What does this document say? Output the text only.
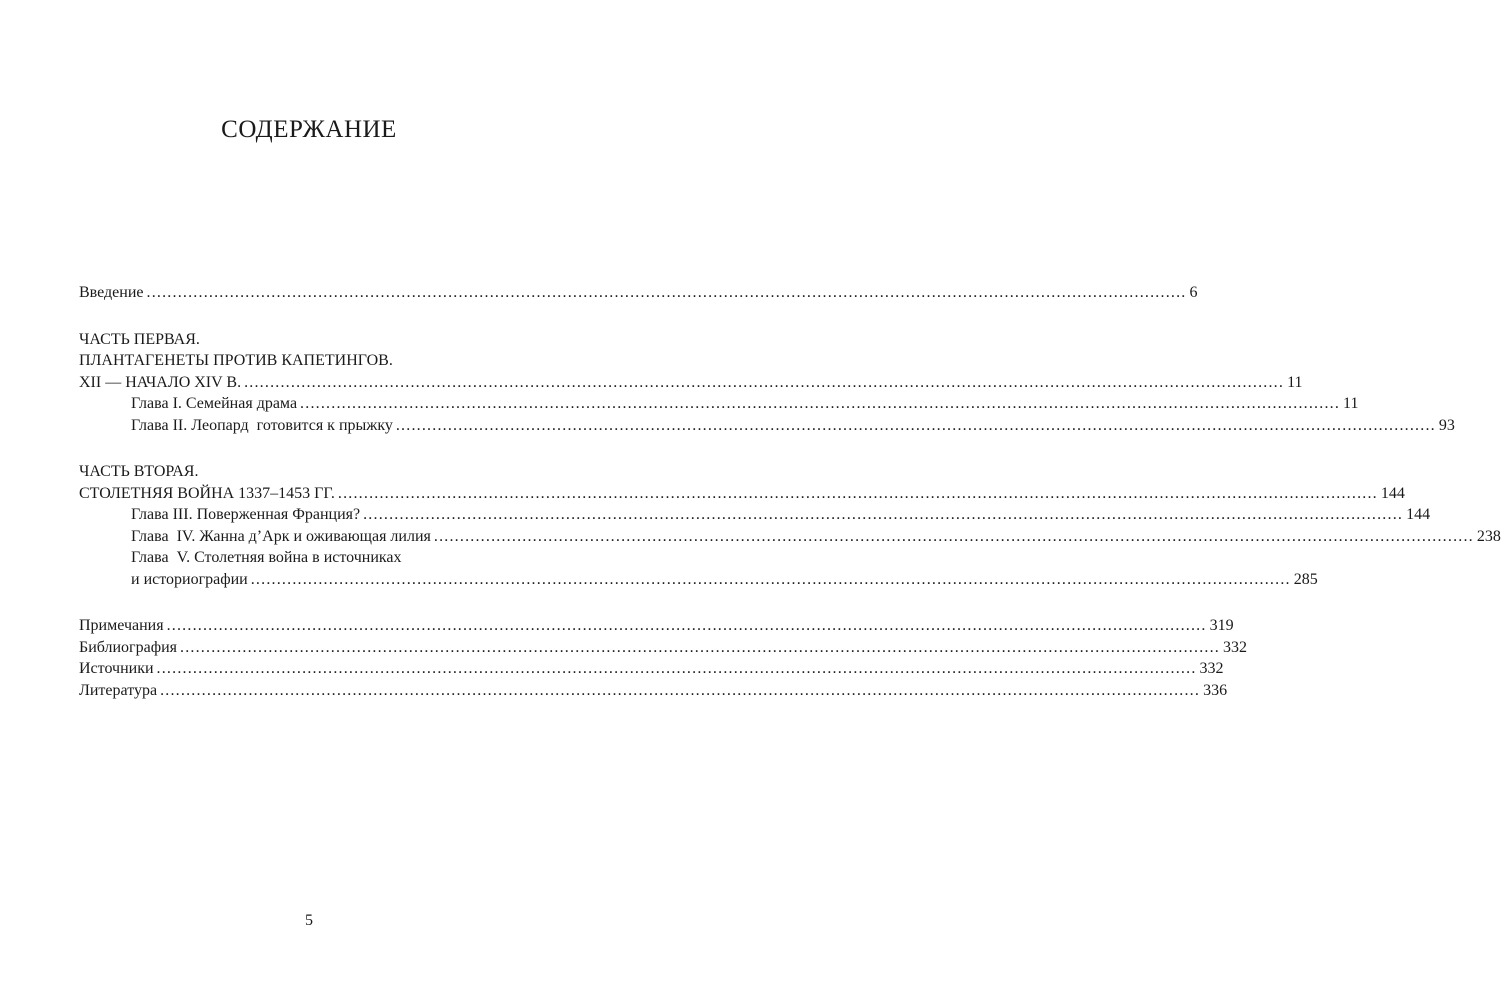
СОДЕРЖАНИЕ
Введение ........................................................................................................................................................................................................ 6
ЧАСТЬ ПЕРВАЯ.
ПЛАНТАГЕНЕТЫ ПРОТИВ КАПЕТИНГОВ.
XII — НАЧАЛО XIV В. ........................................................................................................................................................................................................ 11
Глава I. Семейная драма ........................................................................................................................................................................................................ 11
Глава II. Леопард  готовится к прыжку ........................................................................................................................................................................................................ 93
ЧАСТЬ ВТОРАЯ.
СТОЛЕТНЯЯ ВОЙНА 1337–1453 ГГ. ........................................................................................................................................................................................................ 144
Глава III. Поверженная Франция? ........................................................................................................................................................................................................ 144
Глава  IV. Жанна д’Арк и оживающая лилия ........................................................................................................................................................................................................ 238
Глава  V. Столетняя война в источниках
и историографии ........................................................................................................................................................................................................ 285
Примечания ........................................................................................................................................................................................................ 319
Библиография ........................................................................................................................................................................................................ 332
Источники ........................................................................................................................................................................................................ 332
Литература ........................................................................................................................................................................................................ 336
5
